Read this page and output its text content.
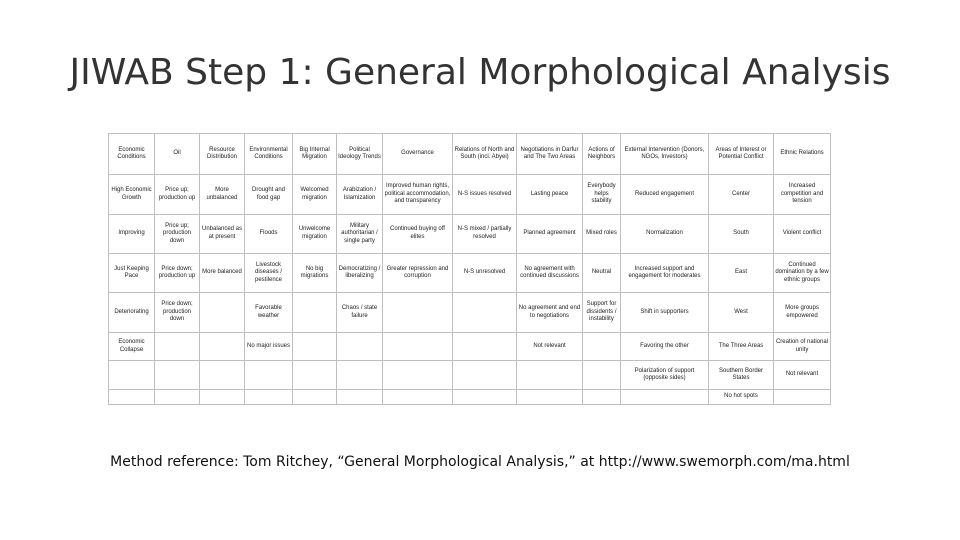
JIWAB Step 1: General Morphological Analysis
Economic Conditions	Oil	Resource Distribution	Environmental Conditions	Big Internal Migration	Political Ideology Trends	Governance	Relations of North and South (incl. Abyei)	Negotiations in Darfur and The Two Areas	Actions of Neighbors	External Intervention (Donors, NGOs, Investors)	Areas of Interest or Potential Conflict	Ethnic Relations
High Economic Growth	Price up; production up	More unbalanced	Drought and food gap	Welcomed migration	Arabization / Islamization	Improved human rights, political accommodation, and transparency	N-S issues resolved	Lasting peace	Everybody helps stability	Reduced engagement	Center	Increased competition and tension
Improving	Price up; production down	Unbalanced as at present	Floods	Unwelcome migration	Military authoritarian / single party	Continued buying off elites	N-S mixed / partially resolved	Planned agreement	Mixed roles	Normalization	South	Violent conflict
Just Keeping Pace	Price down; production up	More balanced	Livestock diseases / pestilence	No big migrations	Democratizing / liberalizing	Greater repression and corruption	N-S unresolved	No agreement with continued discussions	Neutral	Increased support and engagement for moderates	East	Continued domination by a few ethnic groups
Deteriorating	Price down; production down		Favorable weather		Chaos / state failure			No agreement and end to negotiations	Support for dissidents / instability	Shift in supporters	West	More groups empowered
Economic Collapse			No major issues					Not relevant		Favoring the other	The Three Areas	Creation of national unity
										Polarization of support (opposite sides)	Southern Border States	Not relevant
											No hot spots	
Method reference: Tom Ritchey, “General Morphological Analysis,” at http://www.swemorph.com/ma.html
